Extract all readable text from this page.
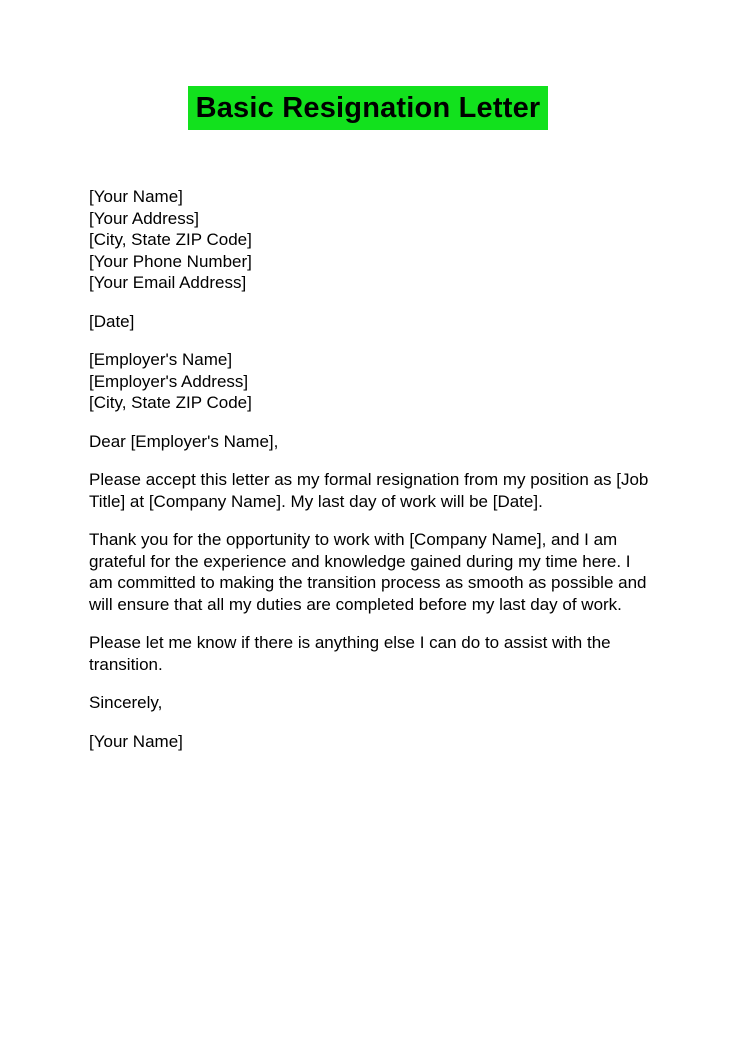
Basic Resignation Letter
[Your Name]
[Your Address]
[City, State ZIP Code]
[Your Phone Number]
[Your Email Address]
[Date]
[Employer's Name]
[Employer's Address]
[City, State ZIP Code]
Dear [Employer's Name],

Please accept this letter as my formal resignation from my position as [Job Title] at [Company Name]. My last day of work will be [Date].

Thank you for the opportunity to work with [Company Name], and I am grateful for the experience and knowledge gained during my time here. I am committed to making the transition process as smooth as possible and will ensure that all my duties are completed before my last day of work.

Please let me know if there is anything else I can do to assist with the transition.

Sincerely,
[Your Name]
